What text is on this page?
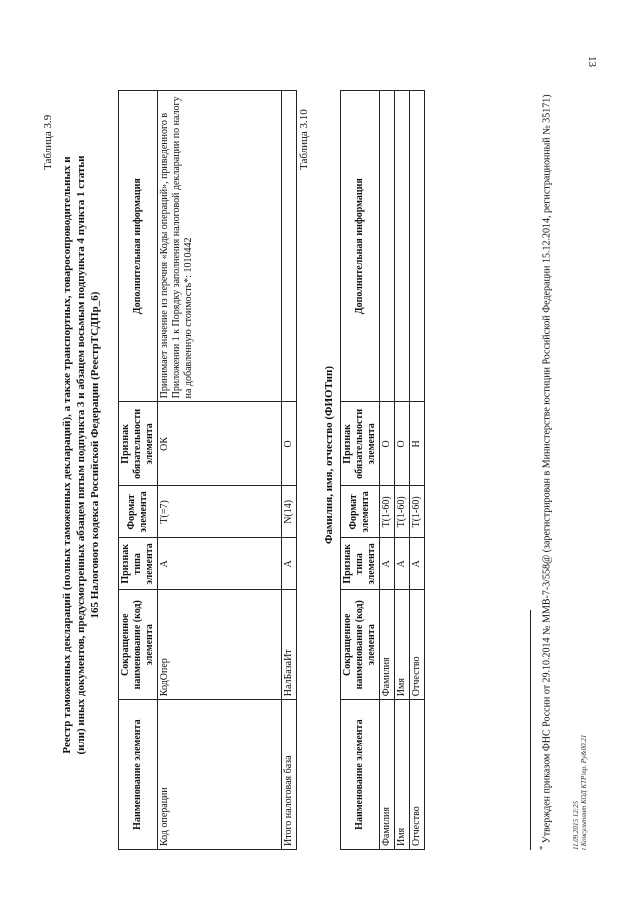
13
Таблица 3.9
Реестр таможенных деклараций (полных таможенных деклараций), а также транспортных, товаросопроводительных и (или) иных документов, предусмотренных абзацем пятым подпункта 3 и абзацем восьмым подпункта 4 пункта 1 статьи 165 Налогового кодекса Российской Федерации (РеестрТСДПр_6)
Наименование элемента	Сокращенное наименование (код) элемента	Признак типа элемента	Формат элемента	Признак обязательности элемента	Дополнительная информация
Код операции	КодОпер	А	T(=7)	ОК	Принимает значение из перечня «Коды операций», приведенного в Приложении 1 к Порядку заполнения налоговой декларации по налогу на добавленную стоимость*: 1010442
Итого налоговая база	НалБазаИт	А	N(14)	О	
Таблица 3.10
Фамилия, имя, отчество (ФИОТип)
Наименование элемента	Сокращенное наименование (код) элемента	Признак типа элемента	Формат элемента	Признак обязательности элемента	Дополнительная информация
Фамилия	Фамилия	А	T(1-60)	О	
Имя	Имя	А	T(1-60)	О	
Отчество	Отчество	А	T(1-60)	Н	
* Утвержден приказом ФНС России от 29.10.2014 № ММВ-7-3/558@ (зарегистрирован в Министерстве юстиции Российской Федерации 15.12.2014, регистрационный № 35171)	11.09.2015 12:25 t Консультант КОД КТР\пр. Ру&00.21
